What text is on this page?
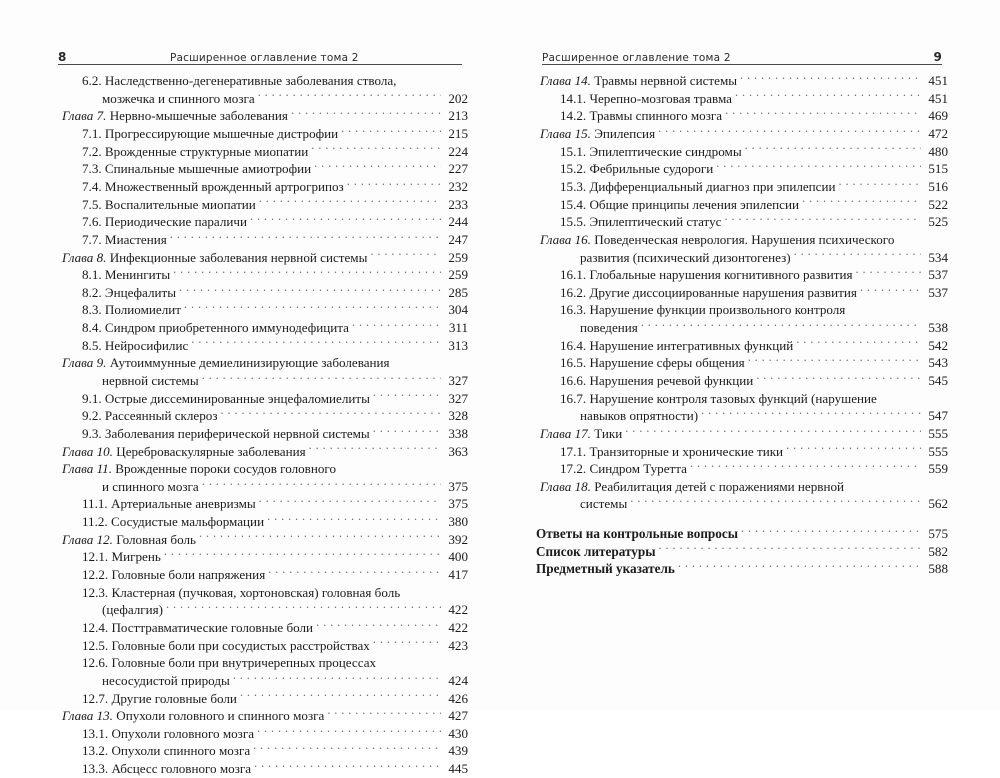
8	Расширенное оглавление тома 2
6.2. Наследственно-дегенеративные заболевания ствола,
мозжечка и спинного мозга . . .	202
Глава 7. Нервно-мышечные заболевания . . .	213
7.1. Прогрессирующие мышечные дистрофии . . .	215
7.2. Врожденные структурные миопатии . . .	224
7.3. Спинальные мышечные амиотрофии . . .	227
7.4. Множественный врожденный артрогрипоз . . .	232
7.5. Воспалительные миопатии . . .	233
7.6. Периодические параличи . . .	244
7.7. Миастения . . .	247
Глава 8. Инфекционные заболевания нервной системы . . .	259
8.1. Менингиты . . .	259
8.2. Энцефалиты . . .	285
8.3. Полиомиелит . . .	304
8.4. Синдром приобретенного иммунодефицита . . .	311
8.5. Нейросифилис . . .	313
Глава 9. Аутоиммунные демиелинизирующие заболевания
нервной системы . . .	327
9.1. Острые диссеминированные энцефаломиелиты . . .	327
9.2. Рассеянный склероз . . .	328
9.3. Заболевания периферической нервной системы . . .	338
Глава 10. Цереброваскулярные заболевания . . .	363
Глава 11. Врожденные пороки сосудов головного
и спинного мозга . . .	375
11.1. Артериальные аневризмы . . .	375
11.2. Сосудистые мальформации . . .	380
Глава 12. Головная боль . . .	392
12.1. Мигрень . . .	400
12.2. Головные боли напряжения . . .	417
12.3. Кластерная (пучковая, хортоновская) головная боль
(цефалгия) . . .	422
12.4. Посттравматические головные боли . . .	422
12.5. Головные боли при сосудистых расстройствах . . .	423
12.6. Головные боли при внутричерепных процессах
несосудистой природы . . .	424
12.7. Другие головные боли . . .	426
Глава 13. Опухоли головного и спинного мозга . . .	427
13.1. Опухоли головного мозга . . .	430
13.2. Опухоли спинного мозга . . .	439
13.3. Абсцесс головного мозга . . .	445
Расширенное оглавление тома 2	9
Глава 14. Травмы нервной системы . . .	451
14.1. Черепно-мозговая травма . . .	451
14.2. Травмы спинного мозга . . .	469
Глава 15. Эпилепсия . . .	472
15.1. Эпилептические синдромы . . .	480
15.2. Фебрильные судороги . . .	515
15.3. Дифференциальный диагноз при эпилепсии . . .	516
15.4. Общие принципы лечения эпилепсии . . .	522
15.5. Эпилептический статус . . .	525
Глава 16. Поведенческая неврология. Нарушения психического
развития (психический дизонтогенез) . . .	534
16.1. Глобальные нарушения когнитивного развития . . .	537
16.2. Другие диссоциированные нарушения развития . . .	537
16.3. Нарушение функции произвольного контроля
поведения . . .	538
16.4. Нарушение интегративных функций . . .	542
16.5. Нарушение сферы общения . . .	543
16.6. Нарушения речевой функции . . .	545
16.7. Нарушение контроля тазовых функций (нарушение
навыков опрятности) . . .	547
Глава 17. Тики . . .	555
17.1. Транзиторные и хронические тики . . .	555
17.2. Синдром Туретта . . .	559
Глава 18. Реабилитация детей с поражениями нервной
системы . . .	562
Ответы на контрольные вопросы . . .	575
Список литературы . . .	582
Предметный указатель . . .	588
